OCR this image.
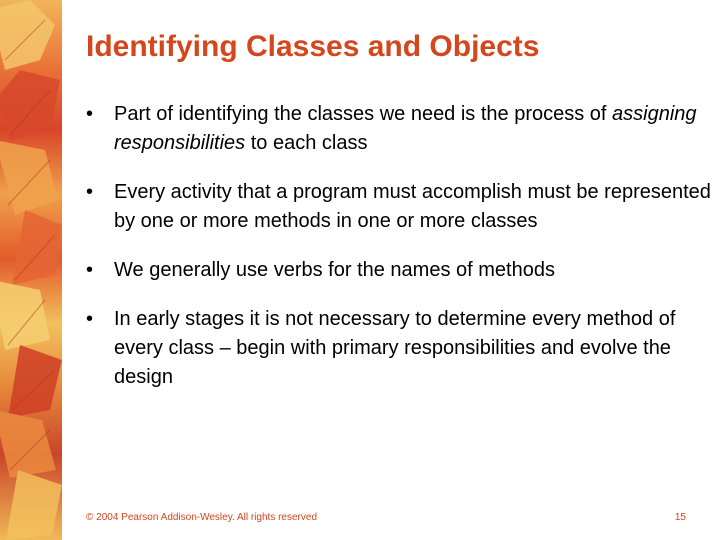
Identifying Classes and Objects
• Part of identifying the classes we need is the process of assigning responsibilities to each class
• Every activity that a program must accomplish must be represented by one or more methods in one or more classes
• We generally use verbs for the names of methods
• In early stages it is not necessary to determine every method of every class – begin with primary responsibilities and evolve the design
© 2004 Pearson Addison-Wesley. All rights reserved	15
